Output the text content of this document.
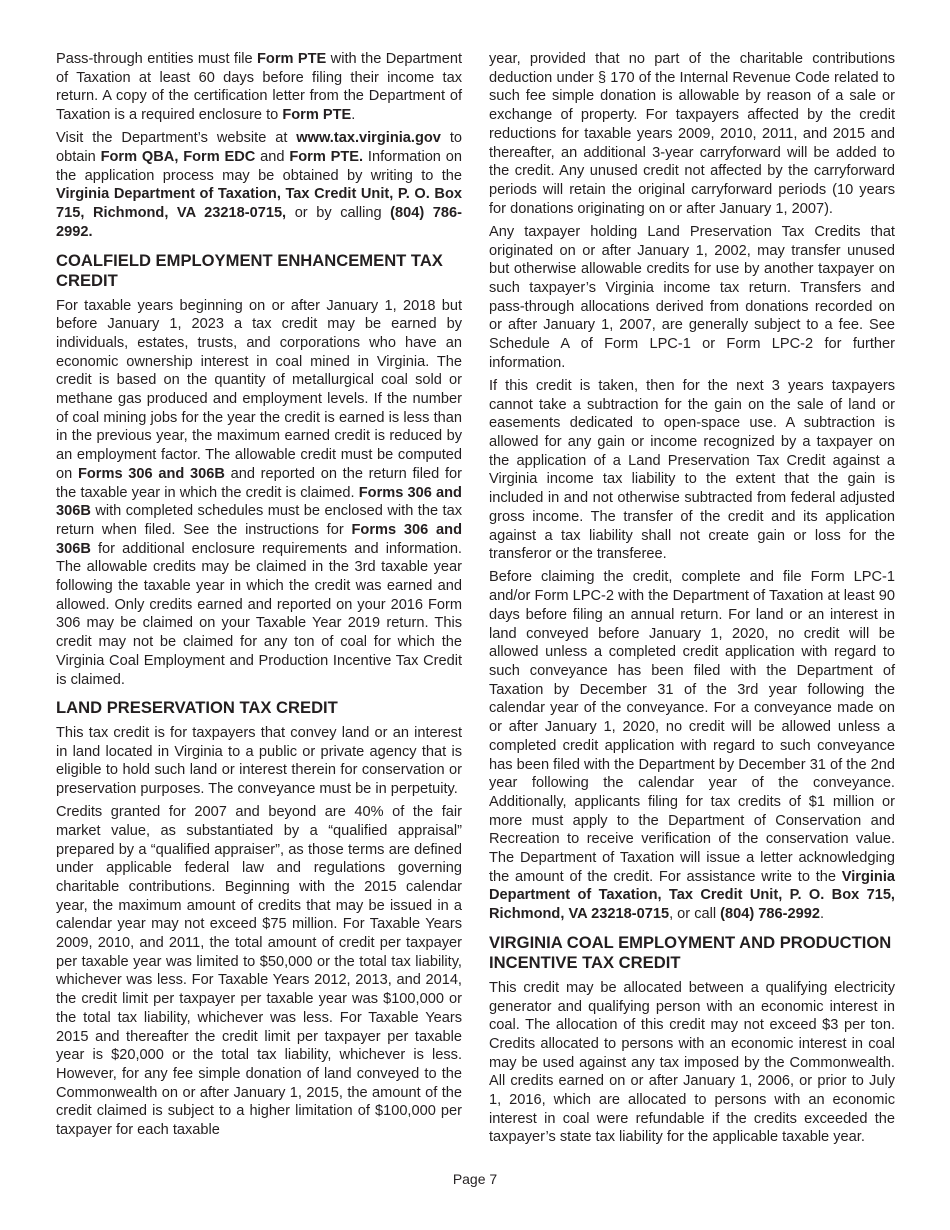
Pass-through entities must file Form PTE with the Department of Taxation at least 60 days before filing their income tax return. A copy of the certification letter from the Department of Taxation is a required enclosure to Form PTE.

Visit the Department’s website at www.tax.virginia.gov to obtain Form QBA, Form EDC and Form PTE. Information on the application process may be obtained by writing to the Virginia Department of Taxation, Tax Credit Unit, P. O. Box 715, Richmond, VA 23218-0715, or by calling (804) 786-2992.

COALFIELD EMPLOYMENT ENHANCEMENT TAX CREDIT

For taxable years beginning on or after January 1, 2018 but before January 1, 2023 a tax credit may be earned by individuals, estates, trusts, and corporations who have an economic ownership interest in coal mined in Virginia. The credit is based on the quantity of metallurgical coal sold or methane gas produced and employment levels. If the number of coal mining jobs for the year the credit is earned is less than in the previous year, the maximum earned credit is reduced by an employment factor. The allowable credit must be computed on Forms 306 and 306B and reported on the return filed for the taxable year in which the credit is claimed. Forms 306 and 306B with completed schedules must be enclosed with the tax return when filed. See the instructions for Forms 306 and 306B for additional enclosure requirements and information. The allowable credits may be claimed in the 3rd taxable year following the taxable year in which the credit was earned and allowed. Only credits earned and reported on your 2016 Form 306 may be claimed on your Taxable Year 2019 return. This credit may not be claimed for any ton of coal for which the Virginia Coal Employment and Production Incentive Tax Credit is claimed.

LAND PRESERVATION TAX CREDIT

This tax credit is for taxpayers that convey land or an interest in land located in Virginia to a public or private agency that is eligible to hold such land or interest therein for conservation or preservation purposes. The conveyance must be in perpetuity.

Credits granted for 2007 and beyond are 40% of the fair market value, as substantiated by a “qualified appraisal” prepared by a “qualified appraiser”, as those terms are defined under applicable federal law and regulations governing charitable contributions. Beginning with the 2015 calendar year, the maximum amount of credits that may be issued in a calendar year may not exceed $75 million. For Taxable Years 2009, 2010, and 2011, the total amount of credit per taxpayer per taxable year was limited to $50,000 or the total tax liability, whichever was less. For Taxable Years 2012, 2013, and 2014, the credit limit per taxpayer per taxable year was $100,000 or the total tax liability, whichever was less. For Taxable Years 2015 and thereafter the credit limit per taxpayer per taxable year is $20,000 or the total tax liability, whichever is less. However, for any fee simple donation of land conveyed to the Commonwealth on or after January 1, 2015, the amount of the credit claimed is subject to a higher limitation of $100,000 per taxpayer for each taxable

year, provided that no part of the charitable contributions deduction under § 170 of the Internal Revenue Code related to such fee simple donation is allowable by reason of a sale or exchange of property. For taxpayers affected by the credit reductions for taxable years 2009, 2010, 2011, and 2015 and thereafter, an additional 3-year carryforward will be added to the credit. Any unused credit not affected by the carryforward periods will retain the original carryforward periods (10 years for donations originating on or after January 1, 2007).

Any taxpayer holding Land Preservation Tax Credits that originated on or after January 1, 2002, may transfer unused but otherwise allowable credits for use by another taxpayer on such taxpayer’s Virginia income tax return. Transfers and pass-through allocations derived from donations recorded on or after January 1, 2007, are generally subject to a fee. See Schedule A of Form LPC-1 or Form LPC-2 for further information.

If this credit is taken, then for the next 3 years taxpayers cannot take a subtraction for the gain on the sale of land or easements dedicated to open-space use. A subtraction is allowed for any gain or income recognized by a taxpayer on the application of a Land Preservation Tax Credit against a Virginia income tax liability to the extent that the gain is included in and not otherwise subtracted from federal adjusted gross income. The transfer of the credit and its application against a tax liability shall not create gain or loss for the transferor or the transferee.

Before claiming the credit, complete and file Form LPC-1 and/or Form LPC-2 with the Department of Taxation at least 90 days before filing an annual return. For land or an interest in land conveyed before January 1, 2020, no credit will be allowed unless a completed credit application with regard to such conveyance has been filed with the Department of Taxation by December 31 of the 3rd year following the calendar year of the conveyance. For a conveyance made on or after January 1, 2020, no credit will be allowed unless a completed credit application with regard to such conveyance has been filed with the Department by December 31 of the 2nd year following the calendar year of the conveyance. Additionally, applicants filing for tax credits of $1 million or more must apply to the Department of Conservation and Recreation to receive verification of the conservation value. The Department of Taxation will issue a letter acknowledging the amount of the credit. For assistance write to the Virginia Department of Taxation, Tax Credit Unit, P. O. Box 715, Richmond, VA 23218-0715, or call (804) 786-2992.

VIRGINIA COAL EMPLOYMENT AND PRODUCTION INCENTIVE TAX CREDIT

This credit may be allocated between a qualifying electricity generator and qualifying person with an economic interest in coal. The allocation of this credit may not exceed $3 per ton. Credits allocated to persons with an economic interest in coal may be used against any tax imposed by the Commonwealth. All credits earned on or after January 1, 2006, or prior to July 1, 2016, which are allocated to persons with an economic interest in coal were refundable if the credits exceeded the taxpayer’s state tax liability for the applicable taxable year.

Page 7
